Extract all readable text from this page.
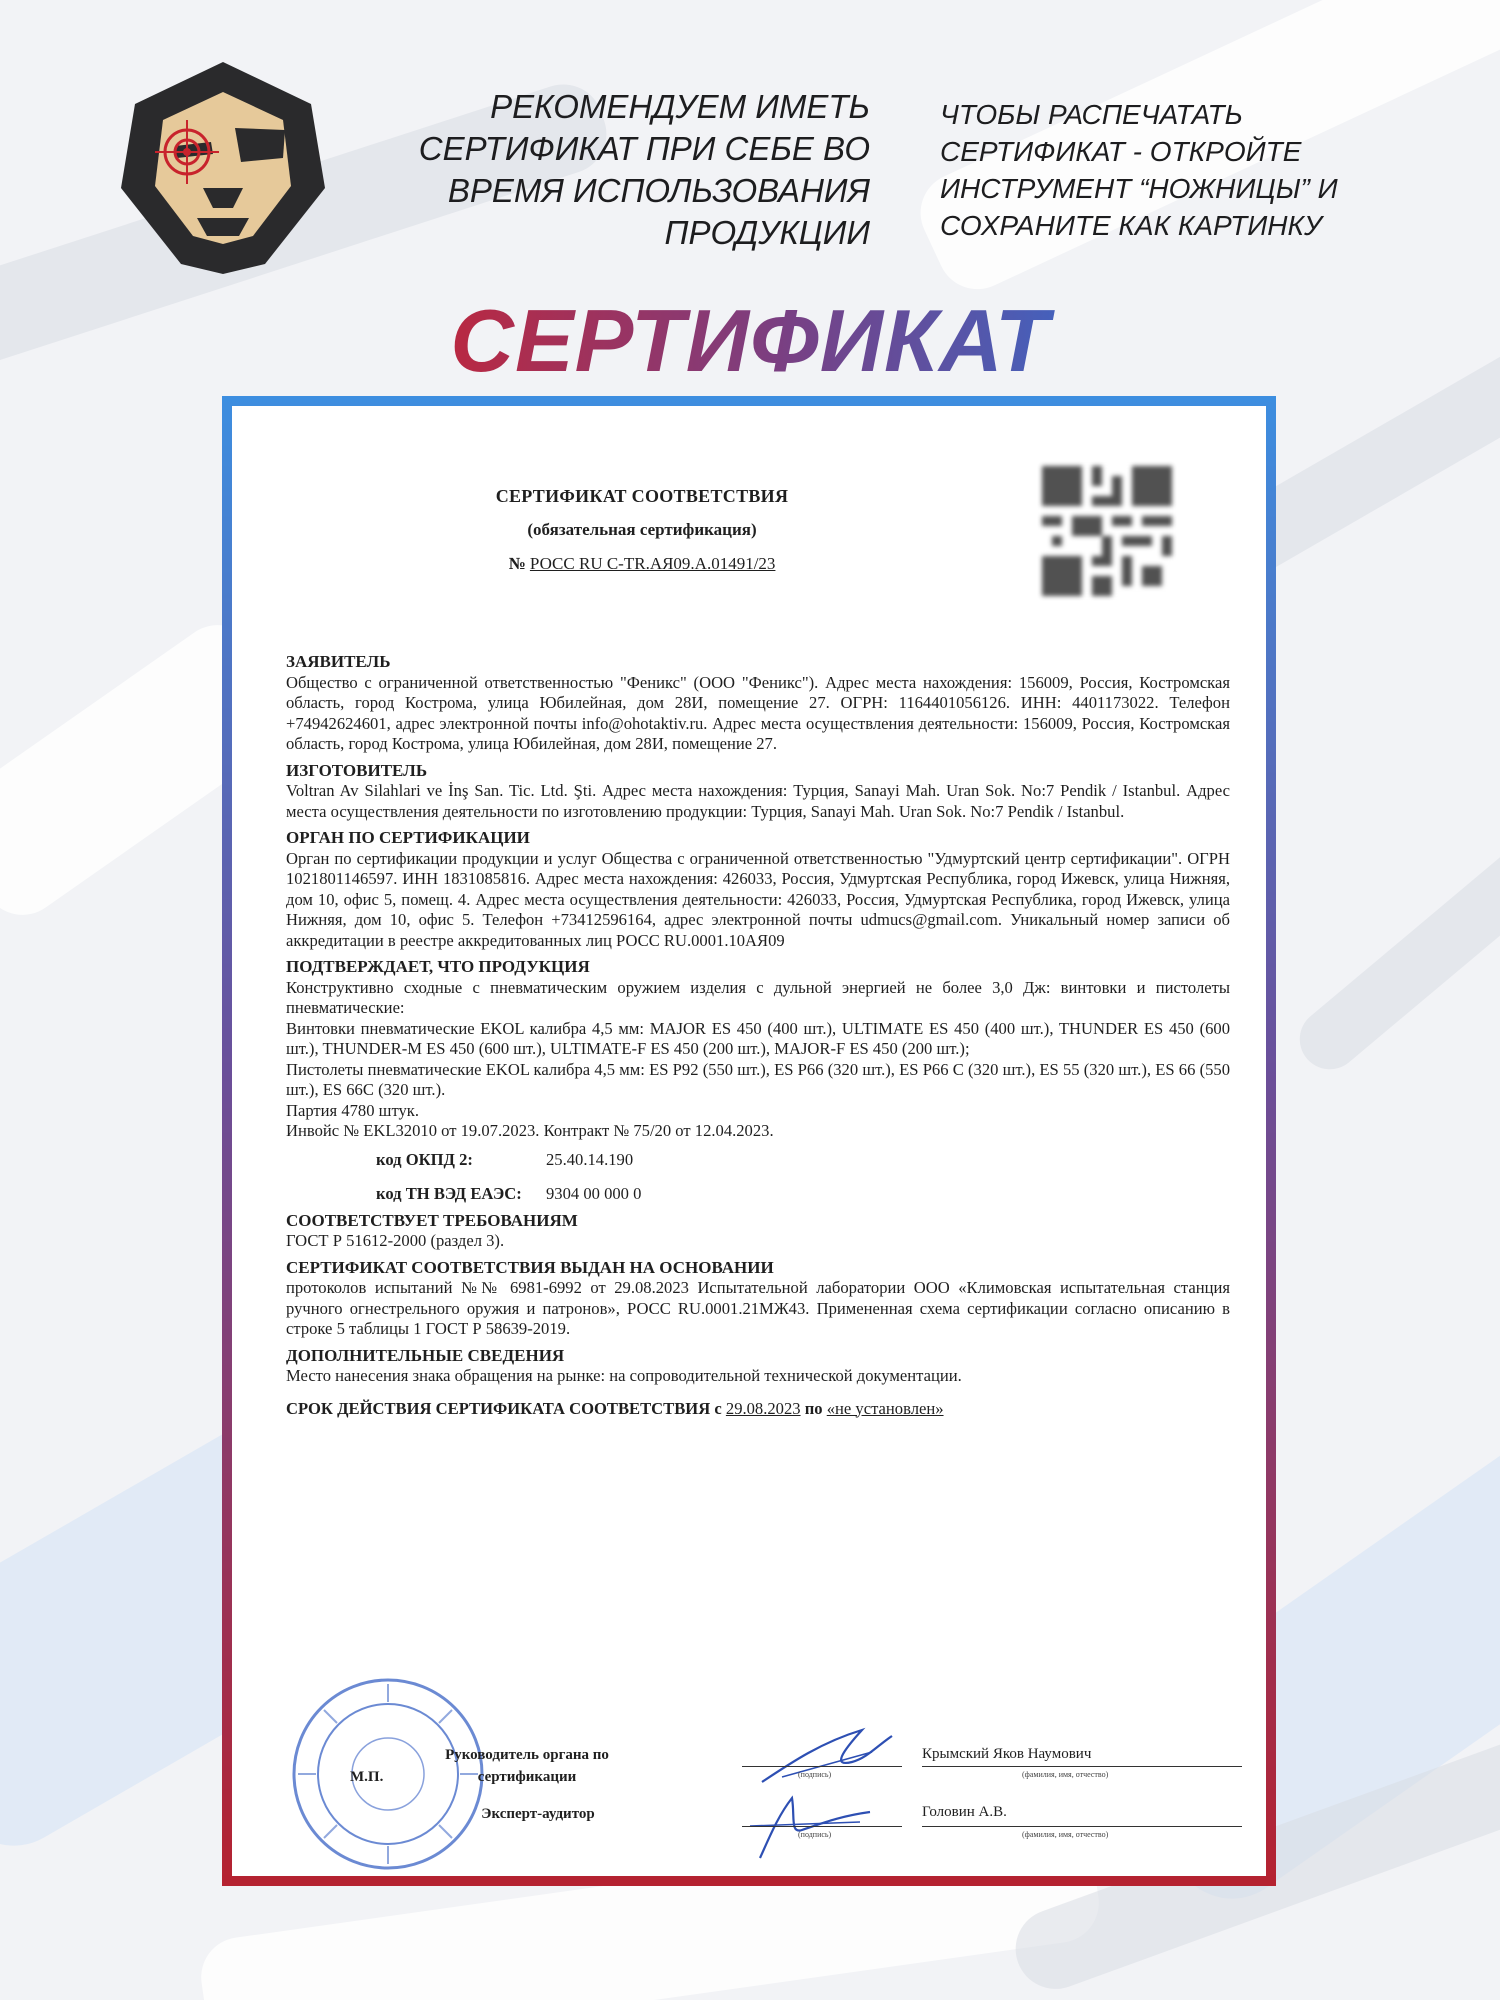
РЕКОМЕНДУЕМ ИМЕТЬ
СЕРТИФИКАТ ПРИ СЕБЕ ВО
ВРЕМЯ ИСПОЛЬЗОВАНИЯ
ПРОДУКЦИИ
ЧТОБЫ РАСПЕЧАТАТЬ
СЕРТИФИКАТ - ОТКРОЙТЕ
ИНСТРУМЕНТ “НОЖНИЦЫ” И
СОХРАНИТЕ КАК КАРТИНКУ
СЕРТИФИКАТ
СЕРТИФИКАТ СООТВЕТСТВИЯ
(обязательная сертификация)
№ РОСС RU С-TR.АЯ09.А.01491/23
ЗАЯВИТЕЛЬ
Общество с ограниченной ответственностью "Феникс" (ООО "Феникс"). Адрес места нахождения: 156009, Россия, Костромская область, город Кострома, улица Юбилейная, дом 28И, помещение 27. ОГРН: 1164401056126. ИНН: 4401173022. Телефон +74942624601, адрес электронной почты info@ohotaktiv.ru. Адрес места осуществления деятельности: 156009, Россия, Костромская область, город Кострома, улица Юбилейная, дом 28И, помещение 27.
ИЗГОТОВИТЕЛЬ
Voltran Av Silahlari ve İnş San. Tic. Ltd. Şti. Адрес места нахождения: Турция, Sanayi Mah. Uran Sok. No:7 Pendik / Istanbul. Адрес места осуществления деятельности по изготовлению продукции: Турция, Sanayi Mah. Uran Sok. No:7 Pendik / Istanbul.
ОРГАН ПО СЕРТИФИКАЦИИ
Орган по сертификации продукции и услуг Общества с ограниченной ответственностью "Удмуртский центр сертификации". ОГРН 1021801146597. ИНН 1831085816. Адрес места нахождения: 426033, Россия, Удмуртская Республика, город Ижевск, улица Нижняя, дом 10, офис 5, помещ. 4. Адрес места осуществления деятельности: 426033, Россия, Удмуртская Республика, город Ижевск, улица Нижняя, дом 10, офис 5. Телефон +73412596164, адрес электронной почты udmucs@gmail.com. Уникальный номер записи об аккредитации в реестре аккредитованных лиц РОСС RU.0001.10АЯ09
ПОДТВЕРЖДАЕТ, ЧТО ПРОДУКЦИЯ
Конструктивно сходные с пневматическим оружием изделия с дульной энергией не более 3,0 Дж: винтовки и пистолеты пневматические:
Винтовки пневматические EKOL калибра 4,5 мм: MAJOR ES 450 (400 шт.), ULTIMATE ES 450 (400 шт.), THUNDER ES 450 (600 шт.), THUNDER-M ES 450 (600 шт.), ULTIMATE-F ES 450 (200 шт.), MAJOR-F ES 450 (200 шт.);
Пистолеты пневматические EKOL калибра 4,5 мм: ES P92 (550 шт.), ES P66 (320 шт.), ES P66 C (320 шт.), ES 55 (320 шт.), ES 66 (550 шт.), ES 66C (320 шт.).
Партия 4780 штук.
Инвойс № EKL32010 от 19.07.2023. Контракт № 75/20 от 12.04.2023.
код ОКПД 2:	25.40.14.190
код ТН ВЭД ЕАЭС:	9304 00 000 0
СООТВЕТСТВУЕТ ТРЕБОВАНИЯМ
ГОСТ Р 51612-2000 (раздел 3).
СЕРТИФИКАТ СООТВЕТСТВИЯ ВЫДАН НА ОСНОВАНИИ
протоколов испытаний №№ 6981-6992 от 29.08.2023 Испытательной лаборатории ООО «Климовская испытательная станция ручного огнестрельного оружия и патронов», РОСС RU.0001.21МЖ43. Примененная схема сертификации согласно описанию в строке 5 таблицы 1 ГОСТ Р 58639-2019.
ДОПОЛНИТЕЛЬНЫЕ СВЕДЕНИЯ
Место нанесения знака обращения на рынке: на сопроводительной технической документации.
СРОК ДЕЙСТВИЯ СЕРТИФИКАТА СООТВЕТСТВИЯ с 29.08.2023 по «не установлен»
М.П.
Руководитель органа по сертификации
Эксперт-аудитор
(подпись)
Крымский Яков Наумович
(фамилия, имя, отчество)
(подпись)
Головин А.В.
(фамилия, имя, отчество)
